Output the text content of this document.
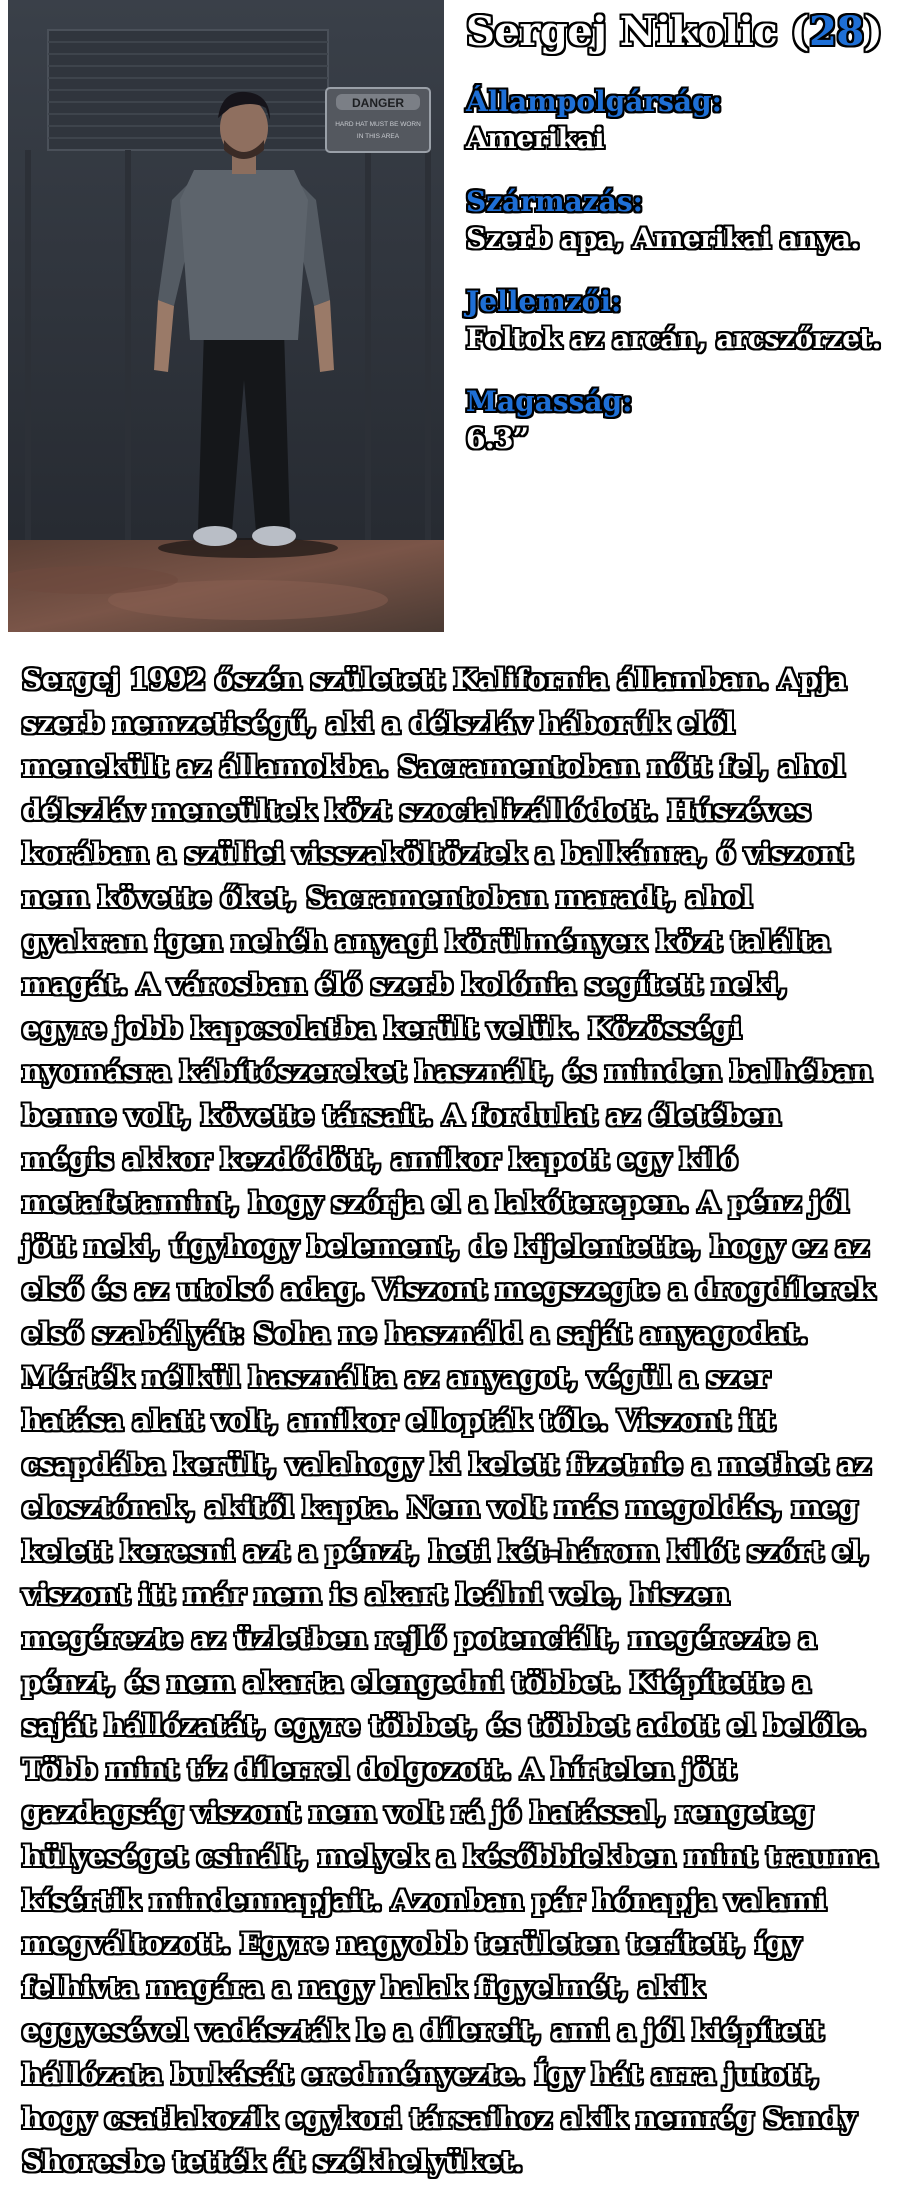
DANGER
HARD HAT MUST BE WORN
IN THIS AREA
Sergej Nikolic (28)
Állampolgárság:
Amerikai
Származás:
Szerb apa, Amerikai anya.
Jellemzői:
Foltok az arcán, arcszőrzet.
Magasság:
6.3”
Sergej 1992 őszén született Kalifornia államban. Apja
szerb nemzetiségű, aki a délszláv háborúk elől
menekült az államokba. Sacramentoban nőtt fel, ahol
délszláv meneültek közt szocializállódott. Húszéves
korában a szüliei visszaköltöztek a balkánra, ő viszont
nem követte őket, Sacramentoban maradt, ahol
gyakran igen nehéh anyagi körülményeк közt találta
magát. A városban élő szerb kolónia segített neki,
egyre jobb kapcsolatba került velük. Közösségi
nyomásra kábítószereket használt, és minden balhéban
benne volt, követte társait. A fordulat az életében
mégis akkor kezdődött, amikor kapott egy kiló
metafetamint, hogy szórja el a lakóterepen. A pénz jól
jött neki, úgyhogy belement, de kijelentette, hogy ez az
első és az utolsó adag. Viszont megszegte a drogdílerek
első szabályát: Soha ne használd a saját anyagodat.
Mérték nélkül használta az anyagot, végül a szer
hatása alatt volt, amikor ellopták tőle. Viszont itt
csapdába került, valahogy ki kelett fizetnie a methet az
elosztónak, akitől kapta. Nem volt más megoldás, meg
kelett keresni azt a pénzt, heti két-három kilót szórt el,
viszont itt már nem is akart leálni vele, hiszen
megérezte az üzletben rejlő potenciált, megérezte a
pénzt, és nem akarta elengedni többet. Kiépítette a
saját hállózatát, egyre többet, és többet adott el belőle.
Több mint tíz dílerrel dolgozott. A hírtelen jött
gazdagság viszont nem volt rá jó hatással, rengeteg
hülyeséget csinált, melyek a későbbiekben mint trauma
kísértik mindennapjait. Azonban pár hónapja valami
megváltozott. Egyre nagyobb területen terített, így
felhivta magára a nagy halak figyelmét, akik
eggyesével vadászták le a dílereit, ami a jól kiépített
hállózata bukását eredményezte. Így hát arra jutott,
hogy csatlakozik egykori társaihoz akik nemrég Sandy
Shoresbe tették át székhelyüket.
